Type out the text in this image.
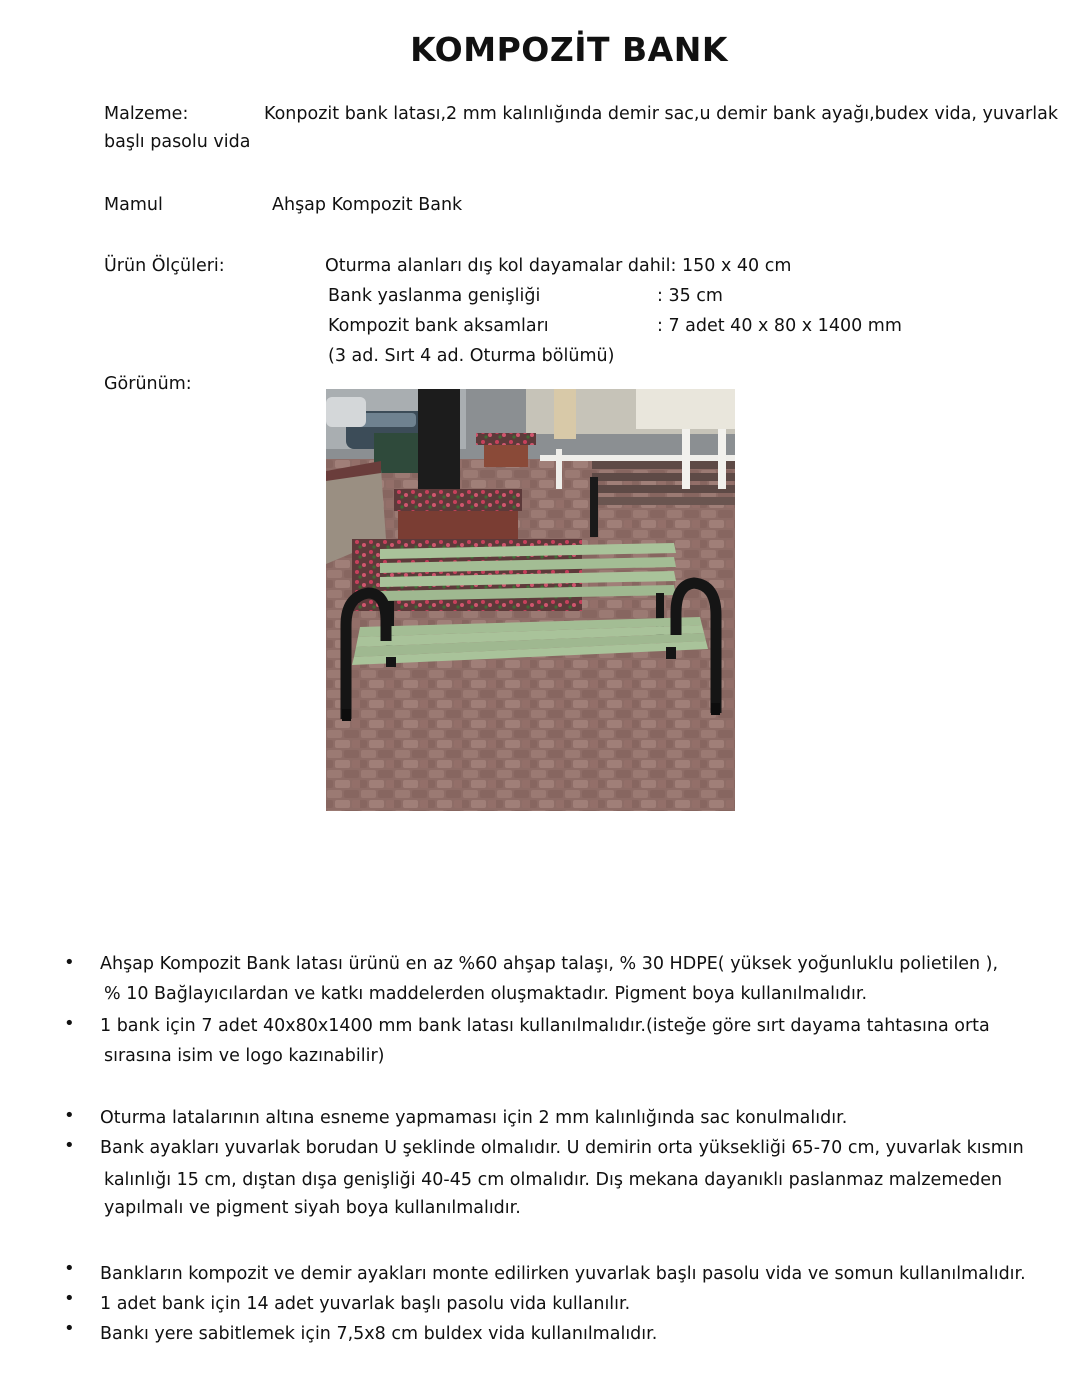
KOMPOZİT BANK
Malzeme:	Konpozit bank latası,2 mm kalınlığında demir sac,u demir bank ayağı,budex vida, yuvarlak
başlı pasolu vida
Mamul	Ahşap Kompozit Bank
Ürün Ölçüleri:	Oturma alanları dış kol dayamalar dahil: 150 x 40 cm
Bank yaslanma genişliği	: 35 cm
Kompozit bank aksamları	: 7 adet 40 x 80 x 1400 mm
(3 ad. Sırt 4 ad. Oturma bölümü)
Görünüm:
• Ahşap Kompozit Bank latası ürünü en az %60 ahşap talaşı, % 30 HDPE( yüksek yoğunluklu polietilen ),
% 10 Bağlayıcılardan ve katkı maddelerden oluşmaktadır. Pigment boya kullanılmalıdır.
• 1 bank için 7 adet 40x80x1400 mm bank latası kullanılmalıdır.(isteğe göre sırt dayama tahtasına orta
sırasına isim ve logo kazınabilir)
• Oturma latalarının altına esneme yapmaması için 2 mm kalınlığında sac konulmalıdır.
• Bank ayakları yuvarlak borudan U şeklinde olmalıdır. U demirin orta yüksekliği 65-70 cm, yuvarlak kısmın
kalınlığı 15 cm, dıştan dışa genişliği 40-45 cm olmalıdır. Dış mekana dayanıklı paslanmaz malzemeden
yapılmalı ve pigment siyah boya kullanılmalıdır.
• Bankların kompozit ve demir ayakları monte edilirken yuvarlak başlı pasolu vida ve somun kullanılmalıdır.
• 1 adet bank için 14 adet yuvarlak başlı pasolu vida kullanılır.
• Bankı yere sabitlemek için 7,5x8 cm buldex vida kullanılmalıdır.
